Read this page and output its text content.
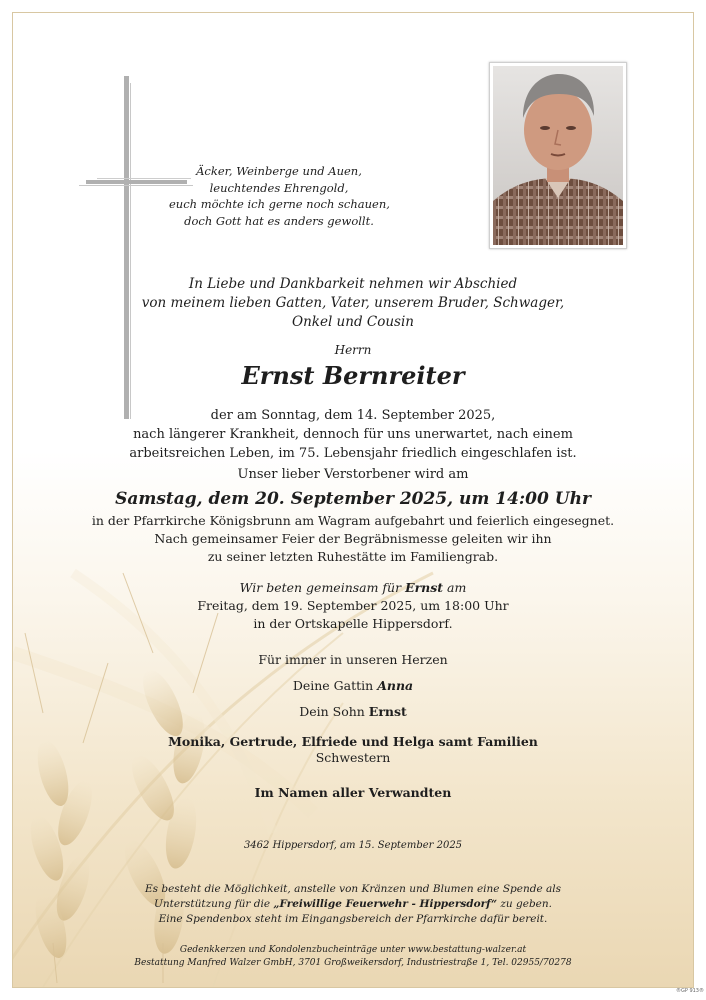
Äcker, Weinberge und Auen,
leuchtendes Ehrengold,
euch möchte ich gerne noch schauen,
doch Gott hat es anders gewollt.
In Liebe und Dankbarkeit nehmen wir Abschied
von meinem lieben Gatten, Vater, unserem Bruder, Schwager,
Onkel und Cousin
Herrn
Ernst Bernreiter
der am Sonntag, dem 14. September 2025,
nach längerer Krankheit, dennoch für uns unerwartet, nach einem
arbeitsreichen Leben, im 75. Lebensjahr friedlich eingeschlafen ist.
Unser lieber Verstorbener wird am
Samstag, dem 20. September 2025, um 14:00 Uhr
in der Pfarrkirche Königsbrunn am Wagram aufgebahrt und feierlich eingesegnet.
Nach gemeinsamer Feier der Begräbnismesse geleiten wir ihn
zu seiner letzten Ruhestätte im Familiengrab.
Wir beten gemeinsam für Ernst am
Freitag, dem 19. September 2025, um 18:00 Uhr
in der Ortskapelle Hippersdorf.
Für immer in unseren Herzen
Deine Gattin Anna
Dein Sohn Ernst
Monika, Gertrude, Elfriede und Helga samt Familien
Schwestern
Im Namen aller Verwandten
3462 Hippersdorf, am 15. September 2025
Es besteht die Möglichkeit, anstelle von Kränzen und Blumen eine Spende als
Unterstützung für die „Freiwillige Feuerwehr - Hippersdorf“ zu geben.
Eine Spendenbox steht im Eingangsbereich der Pfarrkirche dafür bereit.
Gedenkkerzen und Kondolenzbucheinträge unter www.bestattung-walzer.at
Bestattung Manfred Walzer GmbH, 3701 Großweikersdorf, Industriestraße 1, Tel. 02955/70278
®GP 913®
